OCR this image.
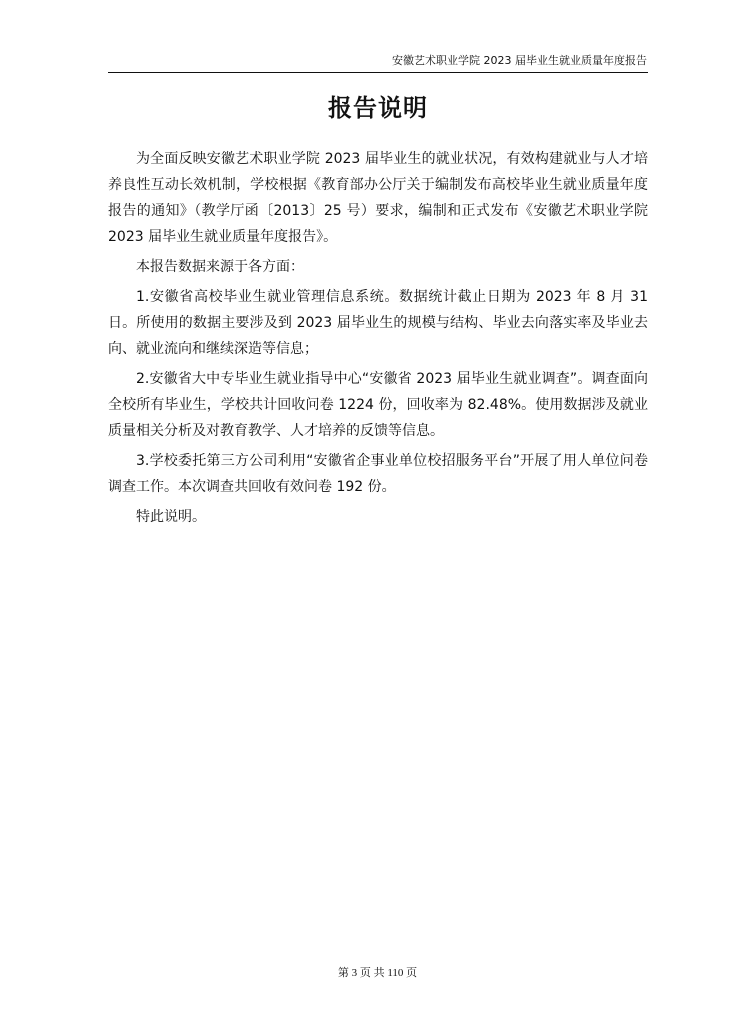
安徽艺术职业学院 2023 届毕业生就业质量年度报告
报告说明

为全面反映安徽艺术职业学院 2023 届毕业生的就业状况，有效构建就业与人才培养良性互动长效机制，学校根据《教育部办公厅关于编制发布高校毕业生就业质量年度报告的通知》（教学厅函〔2013〕25 号）要求，编制和正式发布《安徽艺术职业学院 2023 届毕业生就业质量年度报告》。

本报告数据来源于各方面：

1.安徽省高校毕业生就业管理信息系统。数据统计截止日期为 2023 年 8 月 31 日。所使用的数据主要涉及到 2023 届毕业生的规模与结构、毕业去向落实率及毕业去向、就业流向和继续深造等信息；

2.安徽省大中专毕业生就业指导中心“安徽省 2023 届毕业生就业调查”。调查面向全校所有毕业生，学校共计回收问卷 1224 份，回收率为 82.48%。使用数据涉及就业质量相关分析及对教育教学、人才培养的反馈等信息。

3.学校委托第三方公司利用“安徽省企事业单位校招服务平台”开展了用人单位问卷调查工作。本次调查共回收有效问卷 192 份。

特此说明。

第 3 页 共 110 页
